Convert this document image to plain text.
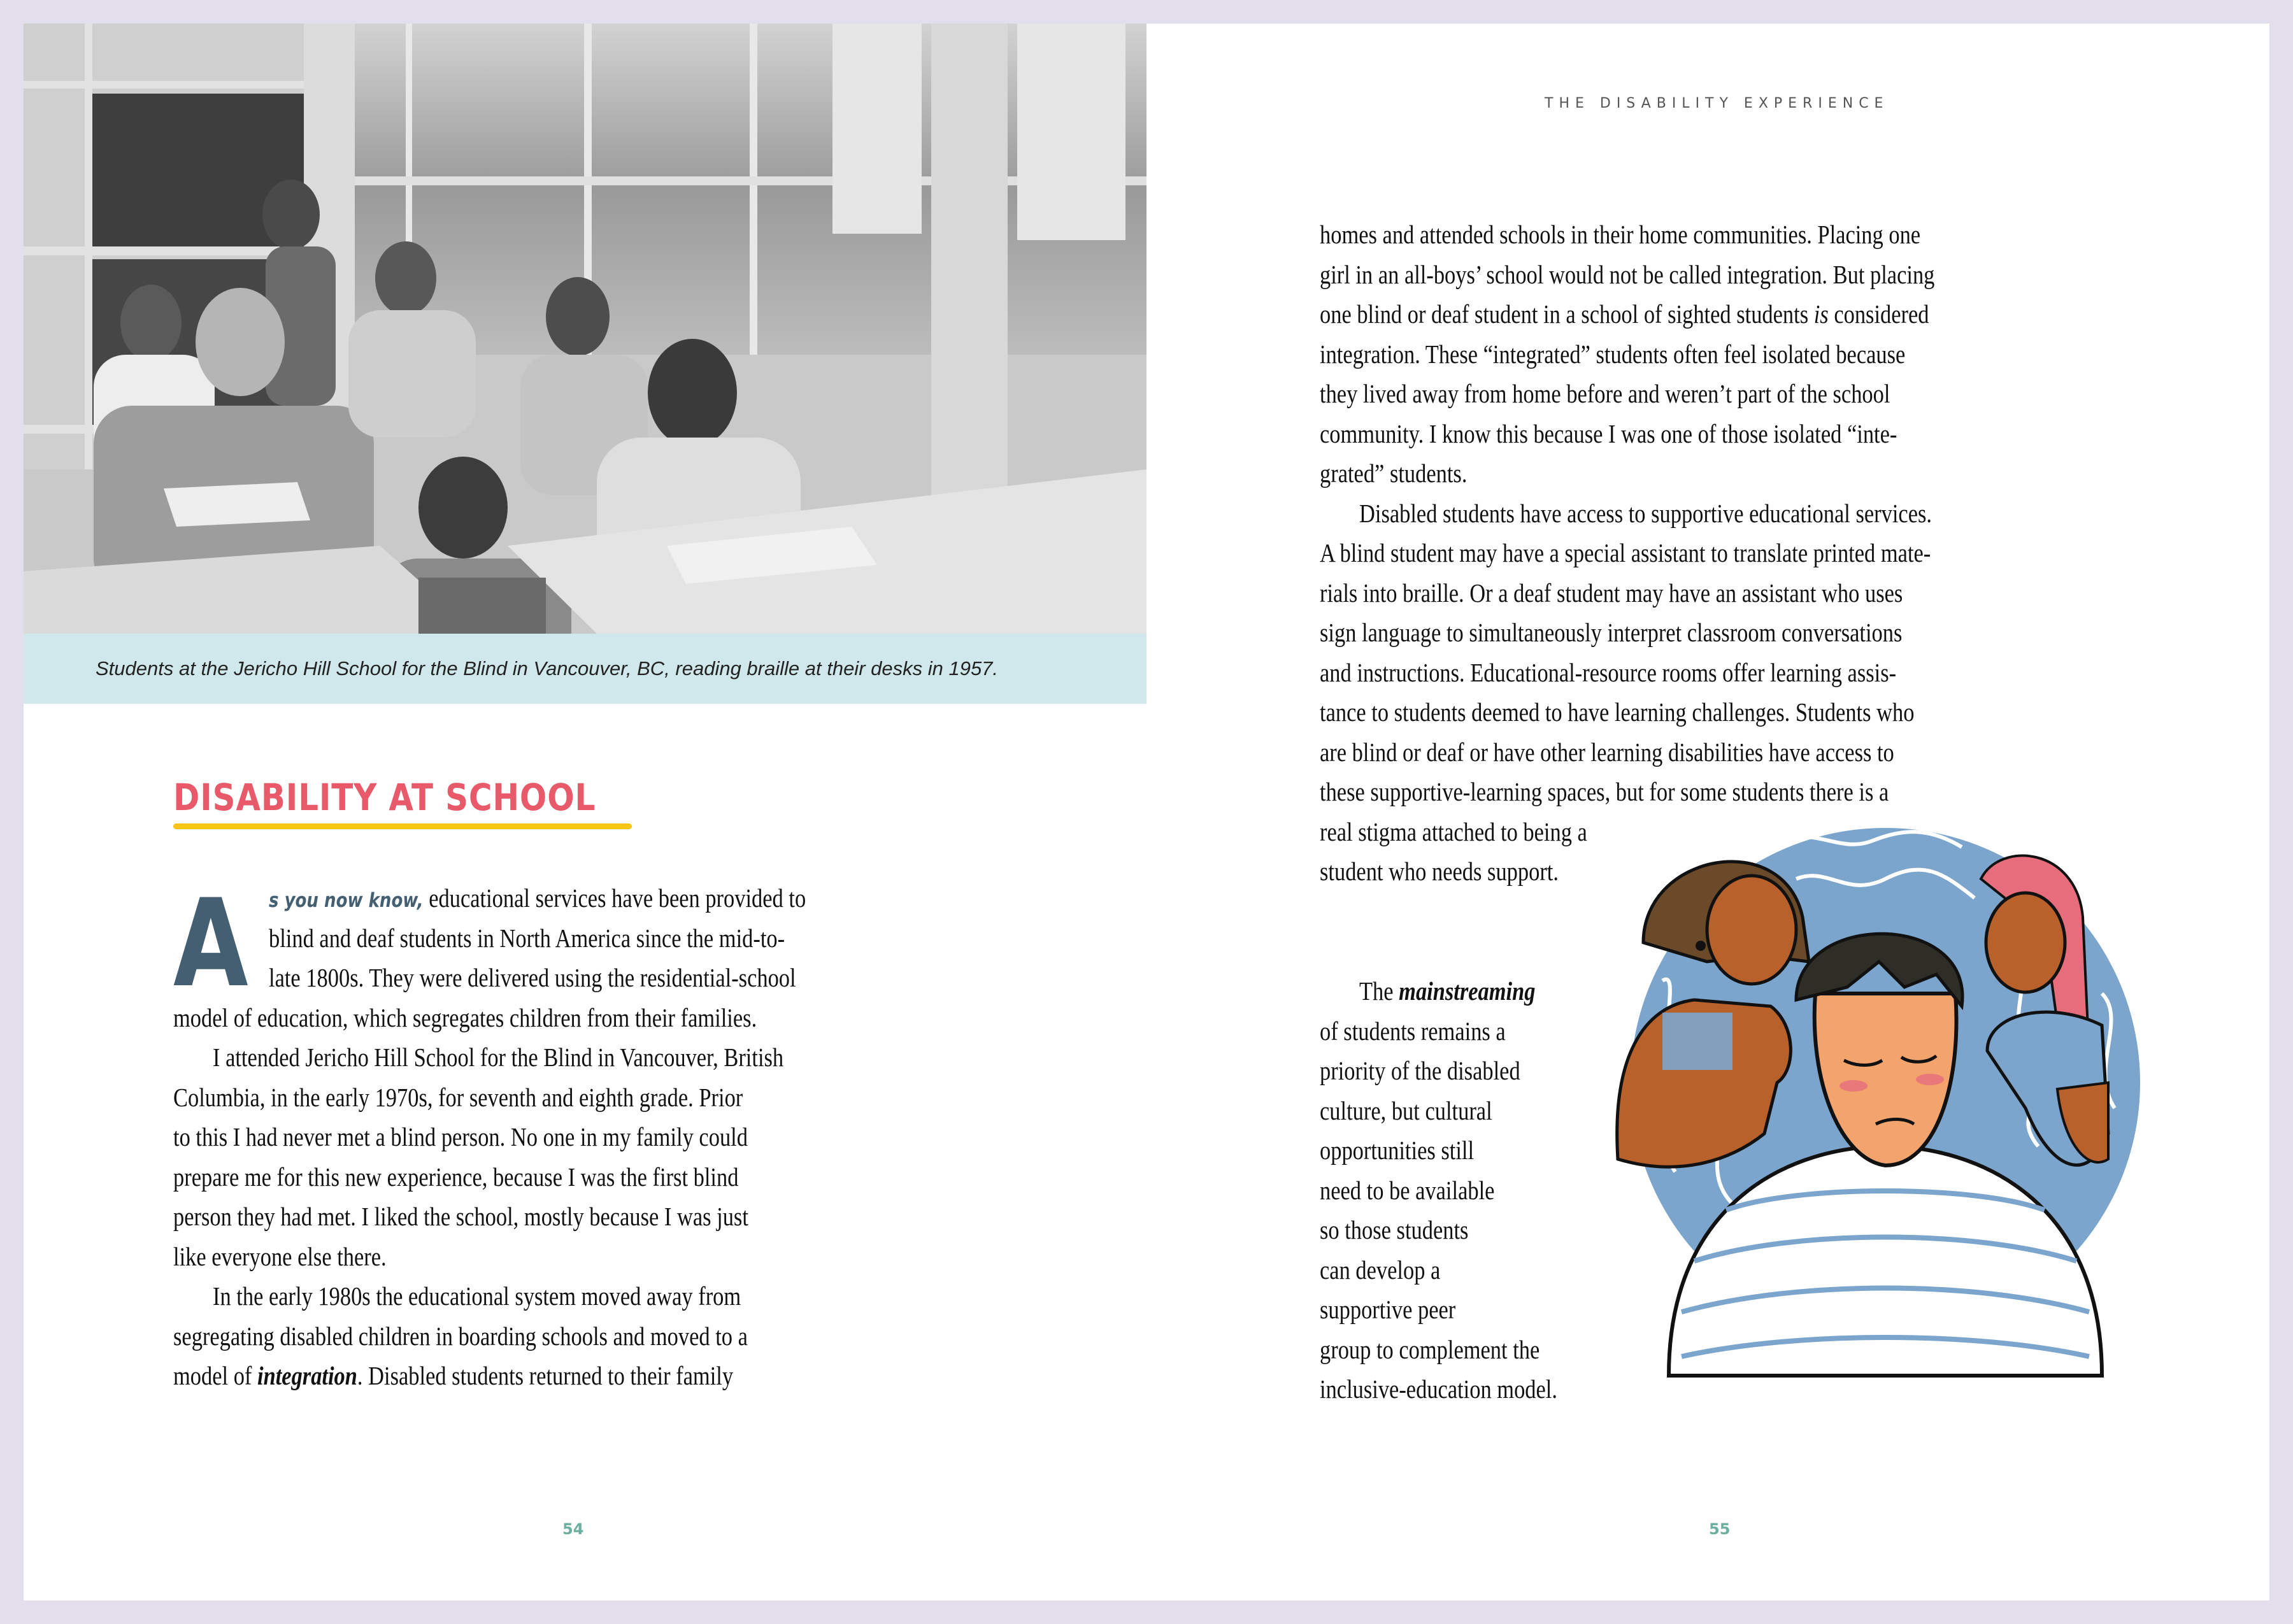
Students at the Jericho Hill School for the Blind in Vancouver, BC, reading braille at their desks in 1957.
DISABILITY AT SCHOOL
A s you now know, educational services have been provided to
blind and deaf students in North America since the mid-to-
late 1800s. They were delivered using the residential-school
model of education, which segregates children from their families.
I attended Jericho Hill School for the Blind in Vancouver, British
Columbia, in the early 1970s, for seventh and eighth grade. Prior
to this I had never met a blind person. No one in my family could
prepare me for this new experience, because I was the first blind
person they had met. I liked the school, mostly because I was just
like everyone else there.
In the early 1980s the educational system moved away from
segregating disabled children in boarding schools and moved to a
model of integration. Disabled students returned to their family
54
THE DISABILITY EXPERIENCE
homes and attended schools in their home communities. Placing one
girl in an all-boys’ school would not be called integration. But placing
one blind or deaf student in a school of sighted students is considered
integration. These “integrated” students often feel isolated because
they lived away from home before and weren’t part of the school
community. I know this because I was one of those isolated “inte-
grated” students.
Disabled students have access to supportive educational services.
A blind student may have a special assistant to translate printed mate-
rials into braille. Or a deaf student may have an assistant who uses
sign language to simultaneously interpret classroom conversations
and instructions. Educational-resource rooms offer learning assis-
tance to students deemed to have learning challenges. Students who
are blind or deaf or have other learning disabilities have access to
these supportive-learning spaces, but for some students there is a
real stigma attached to being a
student who needs support.
The mainstreaming
of students remains a
priority of the disabled
culture, but cultural
opportunities still
need to be available
so those students
can develop a
supportive peer
group to complement the
inclusive-education model.
55
